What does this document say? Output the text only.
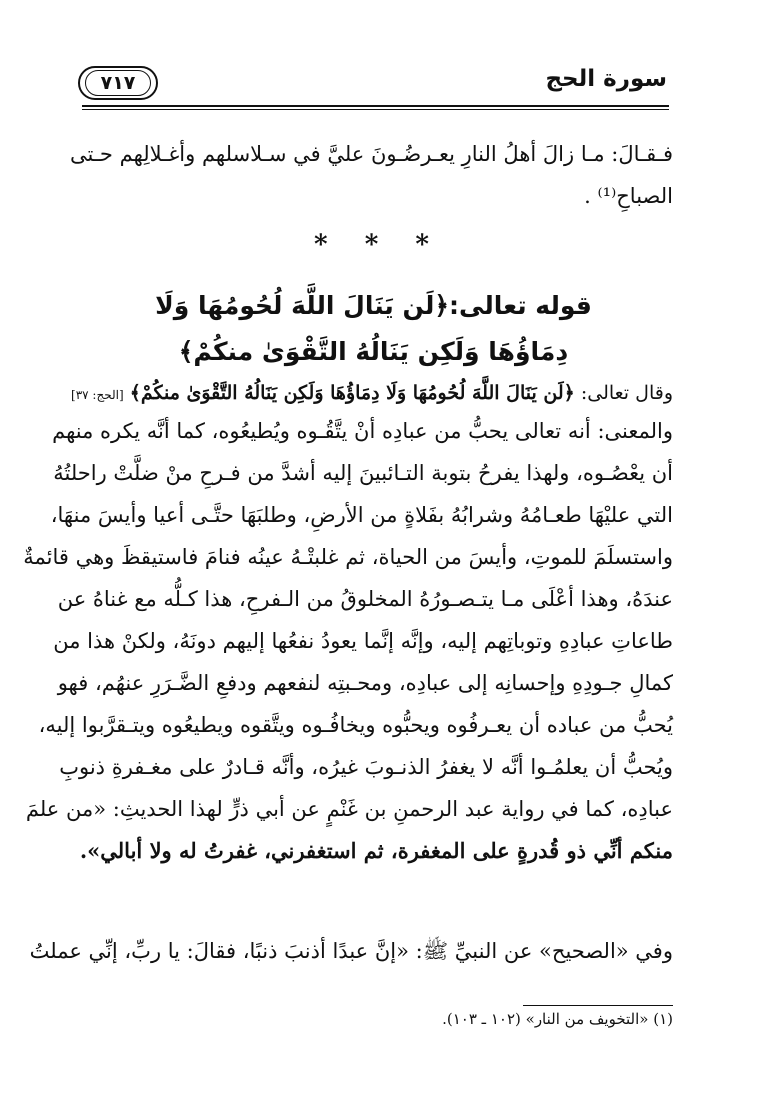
سورة الحج
٧١٧
فـقـالَ: مـا زالَ أهلُ النارِ يعـرضُـونَ عليَّ في سـلاسلهم وأغـلالِهم حـتى
الصباحِ⁽¹⁾ .
* * *
قوله تعالى:﴿لَن يَنَالَ اللَّهَ لُحُومُهَا وَلَا
دِمَاؤُهَا وَلَكِن يَنَالُهُ التَّقْوَىٰ منكُمْ﴾
وقال تعالى: ﴿لَن يَنَالَ اللَّهَ لُحُومُهَا وَلَا دِمَاؤُهَا وَلَكِن يَنَالُهُ التَّقْوَىٰ منكُمْ﴾ [الحج: ٣٧]
والمعنى: أنه تعالى يحبُّ من عبادِه أنْ يتَّقُـوه ويُطيعُوه، كما أنَّه يكره منهم
أن يعْصُـوه، ولهذا يفرحُ بتوبة التـائبينَ إليه أشدَّ من فـرحِ منْ ضلَّتْ راحلتُهُ
التي عليْهَا طعـامُهُ وشرابُهُ بفَلاةٍ من الأرضِ، وطلبَهَا حتَّـى أعيا وأيسَ منهَا،
واستسلَمَ للموتِ، وأيسَ من الحياة، ثم غلبتْـهُ عينُه فنامَ فاستيقظَ وهي قائمةٌ
عندَهُ، وهذا أعْلَى مـا يتـصـورُهُ المخلوقُ من الـفرحِ، هذا كـلُّه مع غناهُ عن
طاعاتِ عبادِهِ وتوباتِهم إليه، وإنَّه إنَّما يعودُ نفعُها إليهم دونَهُ، ولكنْ هذا من
كمالِ جـودِهِ وإحسانِه إلى عبادِه، ومحـبتِه لنفعهم ودفعِ الضَّـرَرِ عنهُم، فهو
يُحبُّ من عباده أن يعـرفُوه ويحبُّوه ويخافُـوه ويتَّقوه ويطيعُوه ويتـقرَّبوا إليه،
ويُحبُّ أن يعلمُـوا أنَّه لا يغفرُ الذنـوبَ غيرُه، وأنَّه قـادرٌ على مغـفرةِ ذنوبِ
عبادِه، كما في رواية عبد الرحمنِ بن غَنْمٍ عن أبي ذرٍّ لهذا الحديثِ: «من علمَ
منكم أنِّي ذو قُدرةٍ على المغفرة، ثم استغفرني، غفرتُ له ولا أبالي».
وفي «الصحيح» عن النبيِّ ﷺ: «إنَّ عبدًا أذنبَ ذنبًا، فقالَ: يا ربِّ، إنِّي عملتُ
(١) «التخويف من النار» (١٠٢ ـ ١٠٣).
